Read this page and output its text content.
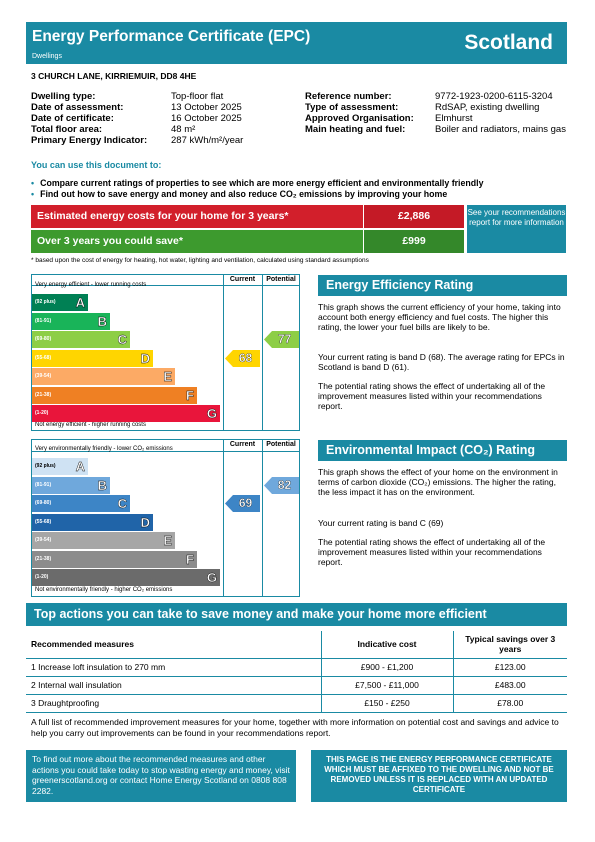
Energy Performance Certificate (EPC)
Dwellings
Scotland
3 CHURCH LANE, KIRRIEMUIR, DD8 4HE
Dwelling type:	Top-floor flat
Date of assessment:	13 October 2025
Date of certificate:	16 October 2025
Total floor area:	48 m²
Primary Energy Indicator:	287 kWh/m²/year
Reference number:	9772-1923-0200-6115-3204
Type of assessment:	RdSAP, existing dwelling
Approved Organisation: Elmhurst
Main heating and fuel:	Boiler and radiators, mains gas
You can use this document to:
• Compare current ratings of properties to see which are more energy efficient and environmentally friendly
• Find out how to save energy and money and also reduce CO₂ emissions by improving your home
Estimated energy costs for your home for 3 years*	£2,886
Over 3 years you could save*	£999
See your recommendations report for more information
* based upon the cost of energy for heating, hot water, lighting and ventilation, calculated using standard assumptions
Current	Potential
Very energy efficient - lower running costs
Not energy efficient - higher running costs
(92 plus) A
(81-91)	B
(69-80)	C
(55-68)	D
(39-54)	E
(21-38)	F
(1-20)	G
68
77
Current	Potential
Very environmentally friendly - lower CO₂ emissions
Not environmentally friendly - higher CO₂ emissions
(92 plus) A
(81-91)	B
(69-80)	C
(55-68)	D
(39-54)	E
(21-38)	F
(1-20)	G
69
82
Energy Efficiency Rating
This graph shows the current efficiency of your home, taking into account both energy efficiency and fuel costs. The higher this rating, the lower your fuel bills are likely to be.
Your current rating is band D (68). The average rating for EPCs in Scotland is band D (61).
The potential rating shows the effect of undertaking all of the improvement measures listed within your recommendations report.
Environmental Impact (CO₂) Rating
This graph shows the effect of your home on the environment in terms of carbon dioxide (CO₂) emissions. The higher the rating, the less impact it has on the environment.
Your current rating is band C (69)
The potential rating shows the effect of undertaking all of the improvement measures listed within your recommendations report.
Top actions you can take to save money and make your home more efficient
Recommended measures	Indicative cost	Typical savings over 3 years
1 Increase loft insulation to 270 mm	£900 - £1,200	£123.00
2 Internal wall insulation	£7,500 - £11,000	£483.00
3 Draughtproofing	£150 - £250	£78.00
A full list of recommended improvement measures for your home, together with more information on potential cost and savings and advice to help you carry out improvements can be found in your recommendations report.
To find out more about the recommended measures and other actions you could take today to stop wasting energy and money, visit greenerscotland.org or contact Home Energy Scotland on 0808 808 2282.
THIS PAGE IS THE ENERGY PERFORMANCE CERTIFICATE WHICH MUST BE AFFIXED TO THE DWELLING AND NOT BE REMOVED UNLESS IT IS REPLACED WITH AN UPDATED CERTIFICATE
